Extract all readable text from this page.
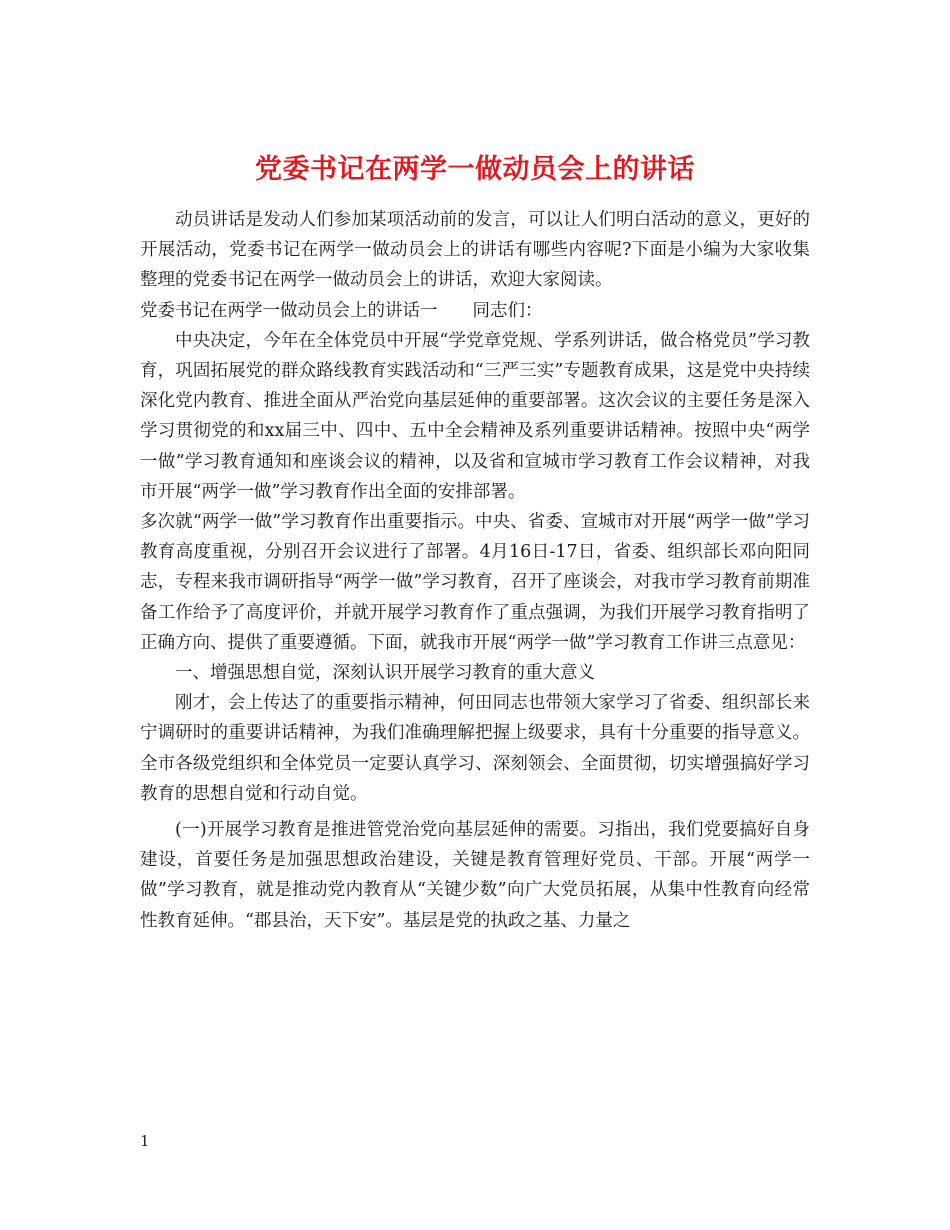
党委书记在两学一做动员会上的讲话

动员讲话是发动人们参加某项活动前的发言，可以让人们明白活动的意义，更好的开展活动，党委书记在两学一做动员会上的讲话有哪些内容呢?下面是小编为大家收集整理的党委书记在两学一做动员会上的讲话，欢迎大家阅读。

党委书记在两学一做动员会上的讲话一　　同志们：

中央决定，今年在全体党员中开展“学党章党规、学系列讲话，做合格党员”学习教育，巩固拓展党的群众路线教育实践活动和“三严三实”专题教育成果，这是党中央持续深化党内教育、推进全面从严治党向基层延伸的重要部署。这次会议的主要任务是深入学习贯彻党的和xx届三中、四中、五中全会精神及系列重要讲话精神。按照中央“两学一做”学习教育通知和座谈会议的精神，以及省和宣城市学习教育工作会议精神，对我市开展“两学一做”学习教育作出全面的安排部署。

多次就“两学一做”学习教育作出重要指示。中央、省委、宣城市对开展“两学一做”学习教育高度重视，分别召开会议进行了部署。4月16日-17日，省委、组织部长邓向阳同志，专程来我市调研指导“两学一做”学习教育，召开了座谈会，对我市学习教育前期准备工作给予了高度评价，并就开展学习教育作了重点强调，为我们开展学习教育指明了正确方向、提供了重要遵循。下面，就我市开展“两学一做”学习教育工作讲三点意见：

一、增强思想自觉，深刻认识开展学习教育的重大意义

刚才，会上传达了的重要指示精神，何田同志也带领大家学习了省委、组织部长来宁调研时的重要讲话精神，为我们准确理解把握上级要求，具有十分重要的指导意义。全市各级党组织和全体党员一定要认真学习、深刻领会、全面贯彻，切实增强搞好学习教育的思想自觉和行动自觉。

(一)开展学习教育是推进管党治党向基层延伸的需要。习指出，我们党要搞好自身建设，首要任务是加强思想政治建设，关键是教育管理好党员、干部。开展“两学一做”学习教育，就是推动党内教育从“关键少数”向广大党员拓展，从集中性教育向经常性教育延伸。“郡县治，天下安”。基层是党的执政之基、力量之

1
